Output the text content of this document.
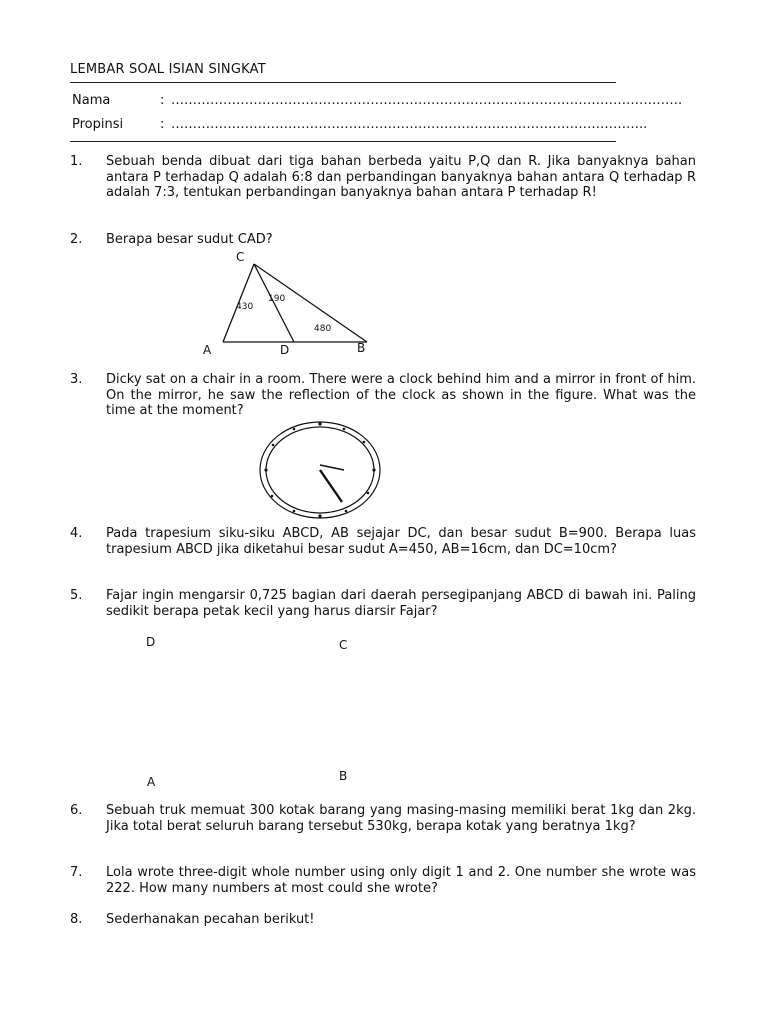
LEMBAR SOAL ISIAN SINGKAT
Nama	: ……………………………………………………………………………………………………….
Propinsi	: ………………………………………………………………………………………………..
1. Sebuah benda dibuat dari tiga bahan berbeda yaitu P,Q dan R. Jika banyaknya bahan antara P terhadap Q adalah 6:8 dan perbandingan banyaknya bahan antara Q terhadap R adalah 7:3, tentukan perbandingan banyaknya bahan antara P terhadap R!
2. Berapa besar sudut CAD?
C
A	D	B
430
190
480
3. Dicky sat on a chair in a room. There were a clock behind him and a mirror in front of him. On the mirror, he saw the reflection of the clock as shown in the figure. What was the time at the moment?
4. Pada trapesium siku-siku ABCD, AB sejajar DC, dan besar sudut B=900. Berapa luas trapesium ABCD jika diketahui besar sudut A=450, AB=16cm, dan DC=10cm?
5. Fajar ingin mengarsir 0,725 bagian dari daerah persegipanjang ABCD di bawah ini. Paling sedikit berapa petak kecil yang harus diarsir Fajar?
D	C
A	B
6. Sebuah truk memuat 300 kotak barang yang masing-masing memiliki berat 1kg dan 2kg. Jika total berat seluruh barang tersebut 530kg, berapa kotak yang beratnya 1kg?
7. Lola wrote three-digit whole number using only digit 1 and 2. One number she wrote was 222. How many numbers at most could she wrote?
8. Sederhanakan pecahan berikut!
